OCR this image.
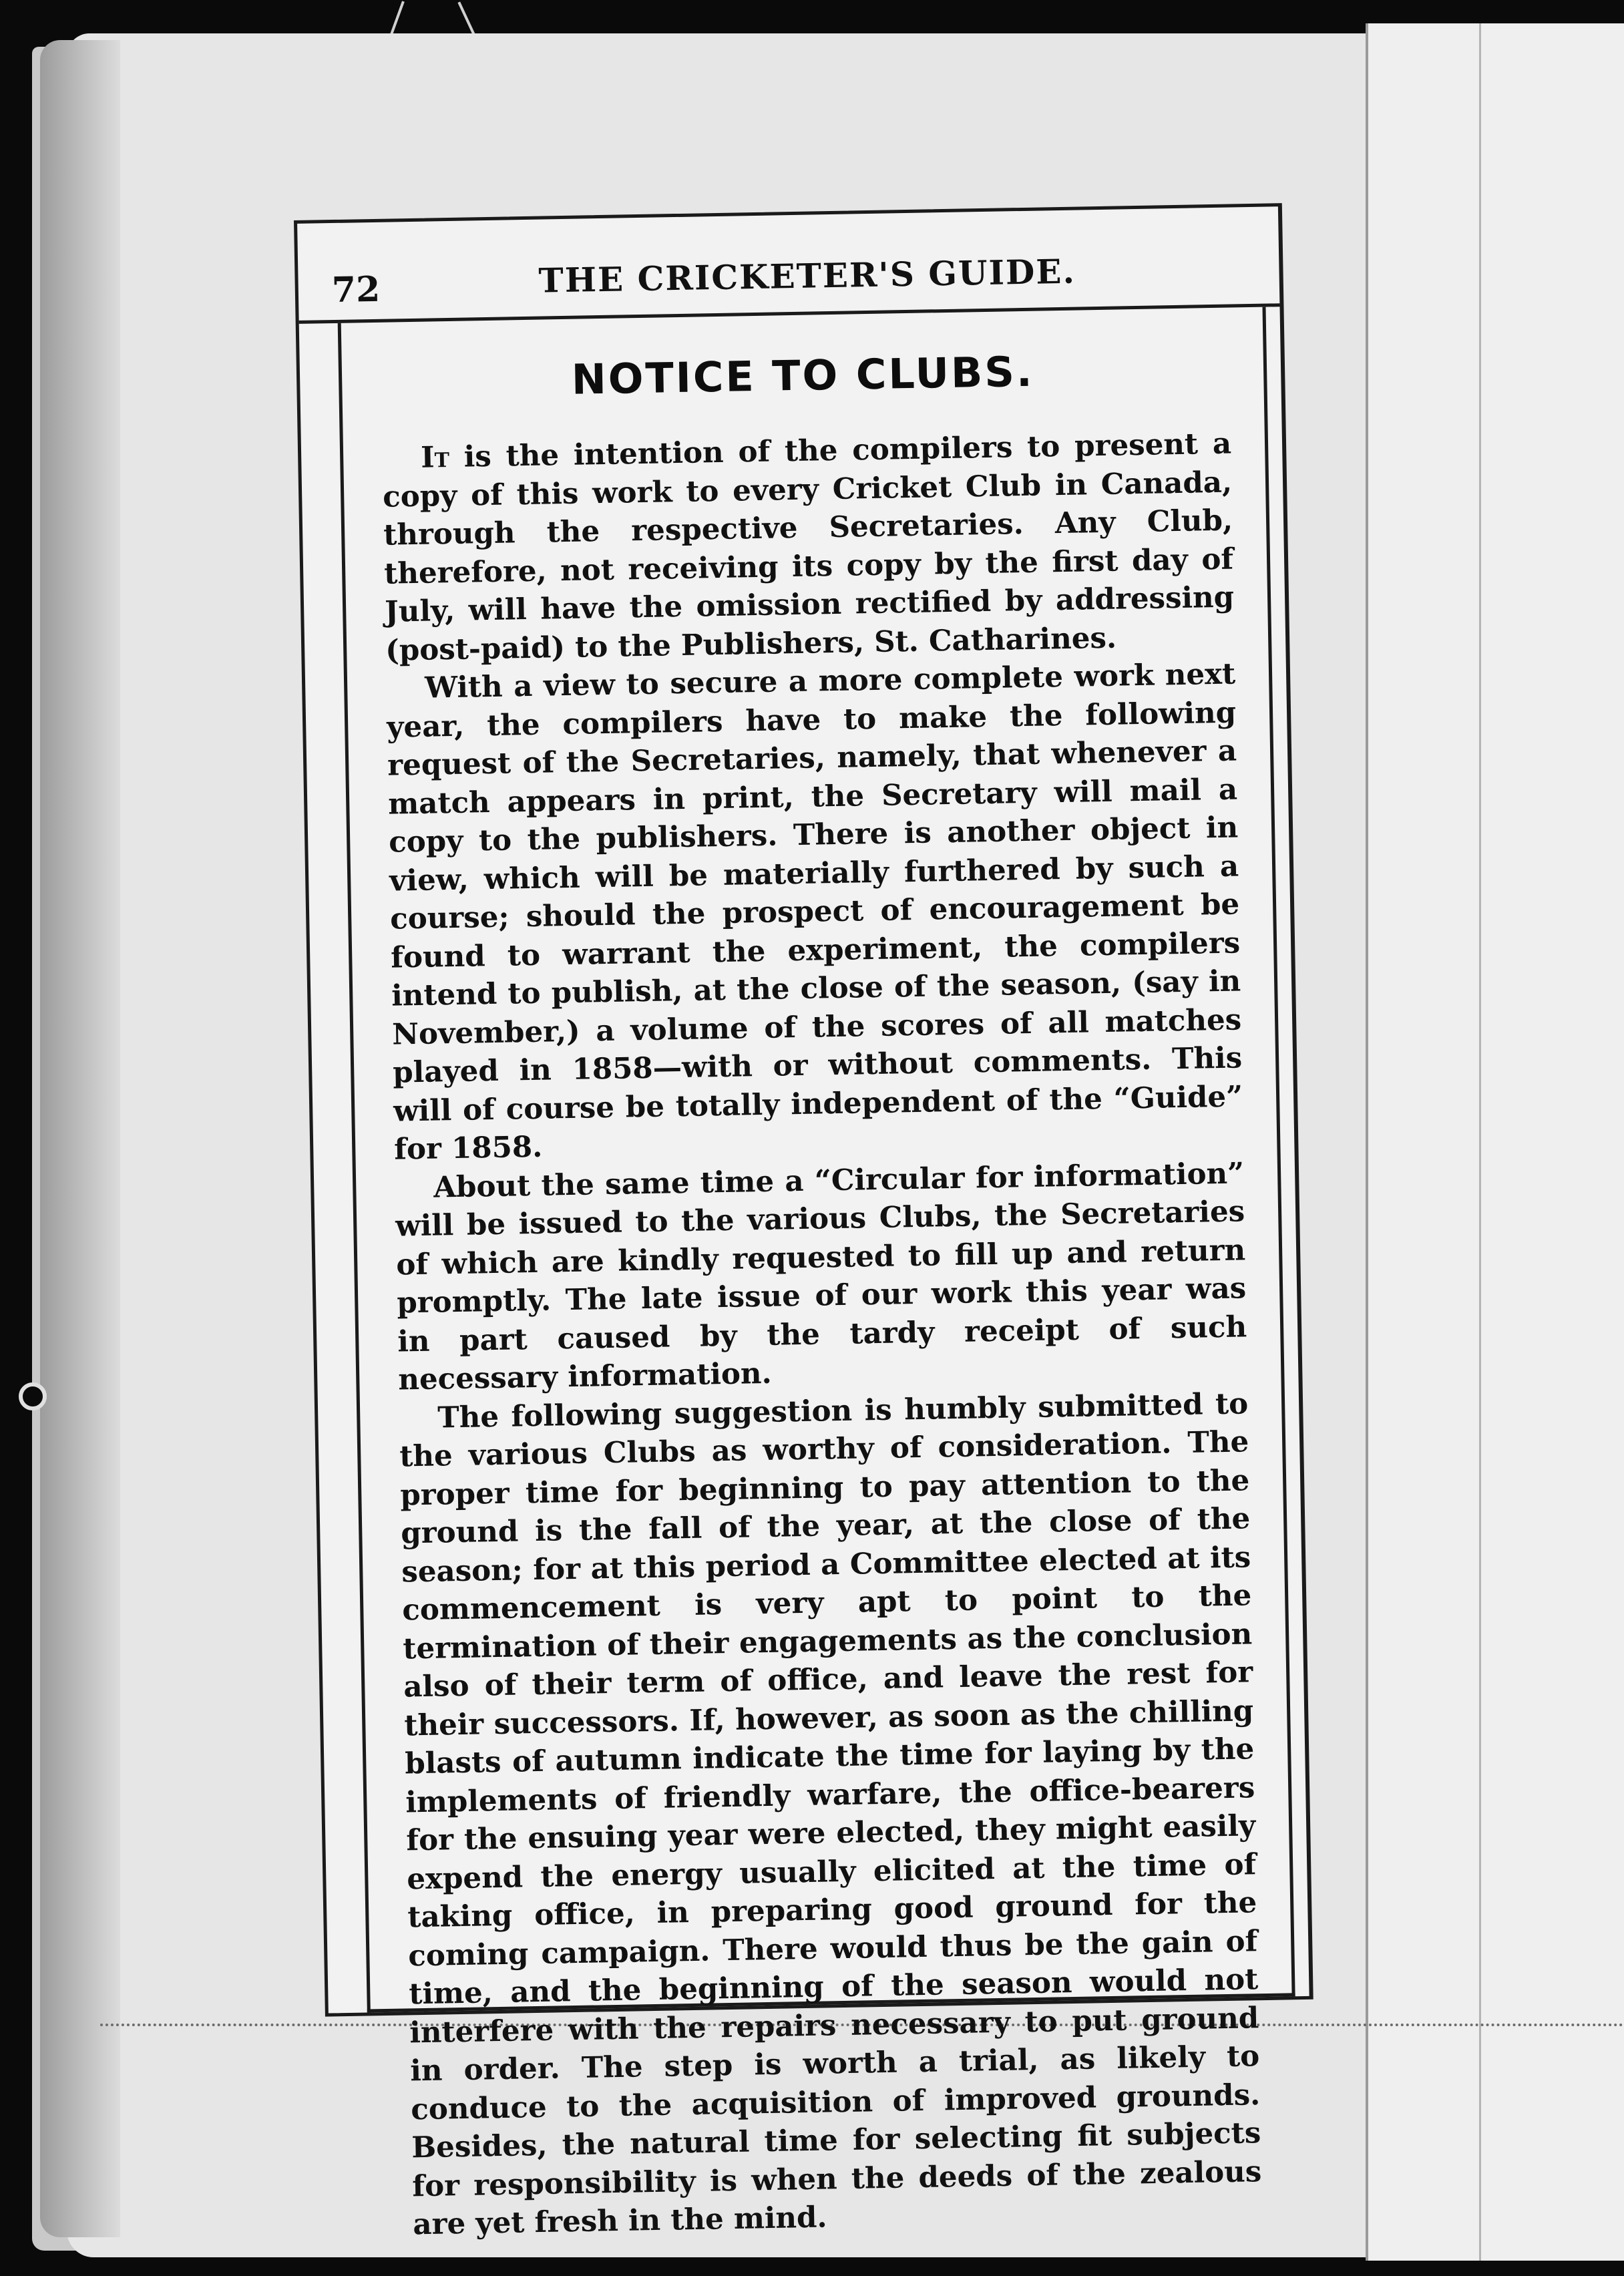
72	THE CRICKETER'S GUIDE.
NOTICE TO CLUBS.

It is the intention of the compilers to present a copy of this work to every Cricket Club in Canada, through the respective Secretaries. Any Club, therefore, not receiving its copy by the first day of July, will have the omission rectified by addressing (post-paid) to the Publishers, St. Catharines.

With a view to secure a more complete work next year, the compilers have to make the following request of the Secretaries, namely, that whenever a match appears in print, the Secretary will mail a copy to the publishers. There is another object in view, which will be materially furthered by such a course; should the prospect of encouragement be found to warrant the experiment, the compilers intend to publish, at the close of the season, (say in November,) a volume of the scores of all matches played in 1858—with or without comments. This will of course be totally independent of the “Guide” for 1858.

About the same time a “Circular for information” will be issued to the various Clubs, the Secretaries of which are kindly requested to fill up and return promptly. The late issue of our work this year was in part caused by the tardy receipt of such necessary information.

The following suggestion is humbly submitted to the various Clubs as worthy of consideration. The proper time for beginning to pay attention to the ground is the fall of the year, at the close of the season; for at this period a Committee elected at its commencement is very apt to point to the termination of their engagements as the conclusion also of their term of office, and leave the rest for their successors. If, however, as soon as the chilling blasts of autumn indicate the time for laying by the implements of friendly warfare, the office-bearers for the ensuing year were elected, they might easily expend the energy usually elicited at the time of taking office, in preparing good ground for the coming campaign. There would thus be the gain of time, and the beginning of the season would not interfere with the repairs necessary to put ground in order. The step is worth a trial, as likely to conduce to the acquisition of improved grounds. Besides, the natural time for selecting fit subjects for responsibility is when the deeds of the zealous are yet fresh in the mind.
